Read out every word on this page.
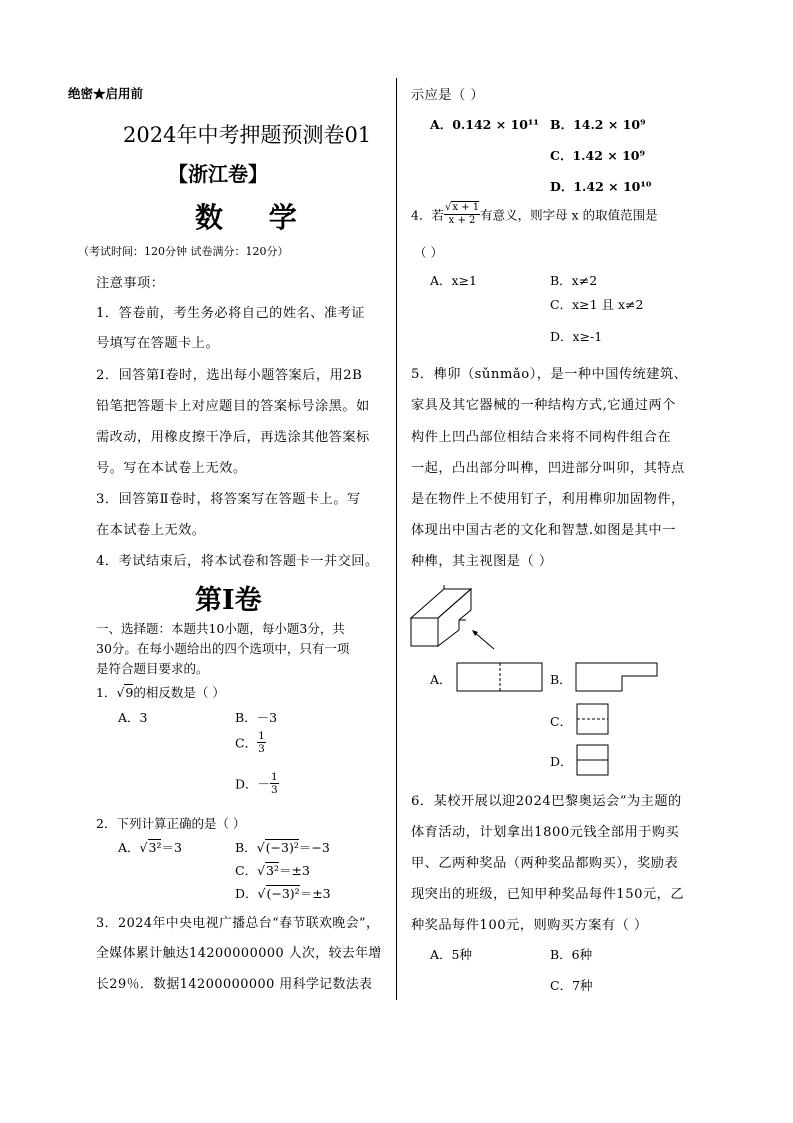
绝密★启用前
2024年中考押题预测卷01
【浙江卷】
数 学
（考试时间：120分钟 试卷满分：120分）
注意事项：
1．答卷前，考生务必将自己的姓名、准考证
号填写在答题卡上。
2．回答第Ⅰ卷时，选出每小题答案后，用2B
铅笔把答题卡上对应题目的答案标号涂黑。如
需改动，用橡皮擦干净后，再选涂其他答案标
号。写在本试卷上无效。
3．回答第Ⅱ卷时，将答案写在答题卡上。写
在本试卷上无效。
4．考试结束后，将本试卷和答题卡一并交回。
第Ⅰ卷
一、选择题：本题共10小题，每小题3分，共
30分。在每小题给出的四个选项中，只有一项
是符合题目要求的。
1．√9的相反数是（ ）
A．3	B．－3
C． $\frac{1}{3}$
D．－ $\frac{1}{3}$
2．下列计算正确的是（ ）
A．√3²＝3	B．√(−3)²＝−3
C．√3²＝±3
D．√(−3)²＝±3
3．2024年中央电视广播总台“春节联欢晚会”，
全媒体累计触达14200000000 人次，较去年增
长29％．数据14200000000 用科学记数法表
示应是（ ）
A．0.142 × 10¹¹ B．14.2 × 10⁹
C．1.42 × 10⁹
D．1.42 × 10¹⁰
4．若 $\frac{√x + 1}{x + 2}$ 有意义，则字母 x 的取值范围是
（ ）
A．x≥1	B．x≠2
C．x≥1 且 x≠2
D．x≥-1
5．榫卯（sǔnmǎo），是一种中国传统建筑、
家具及其它器械的一种结构方式,它通过两个
构件上凹凸部位相结合来将不同构件组合在
一起，凸出部分叫榫，凹进部分叫卯，其特点
是在物件上不使用钉子，利用榫卯加固物件，
体现出中国古老的文化和智慧.如图是其中一
种榫，其主视图是（ ）
A．	B．
C．
D．
6．某校开展以迎2024巴黎奥运会”为主题的
体育活动，计划拿出1800元钱全部用于购买
甲、乙两种奖品（两种奖品都购买），奖励表
现突出的班级，已知甲种奖品每件150元，乙
种奖品每件100元，则购买方案有（ ）
A．5种	B．6种
C．7种
